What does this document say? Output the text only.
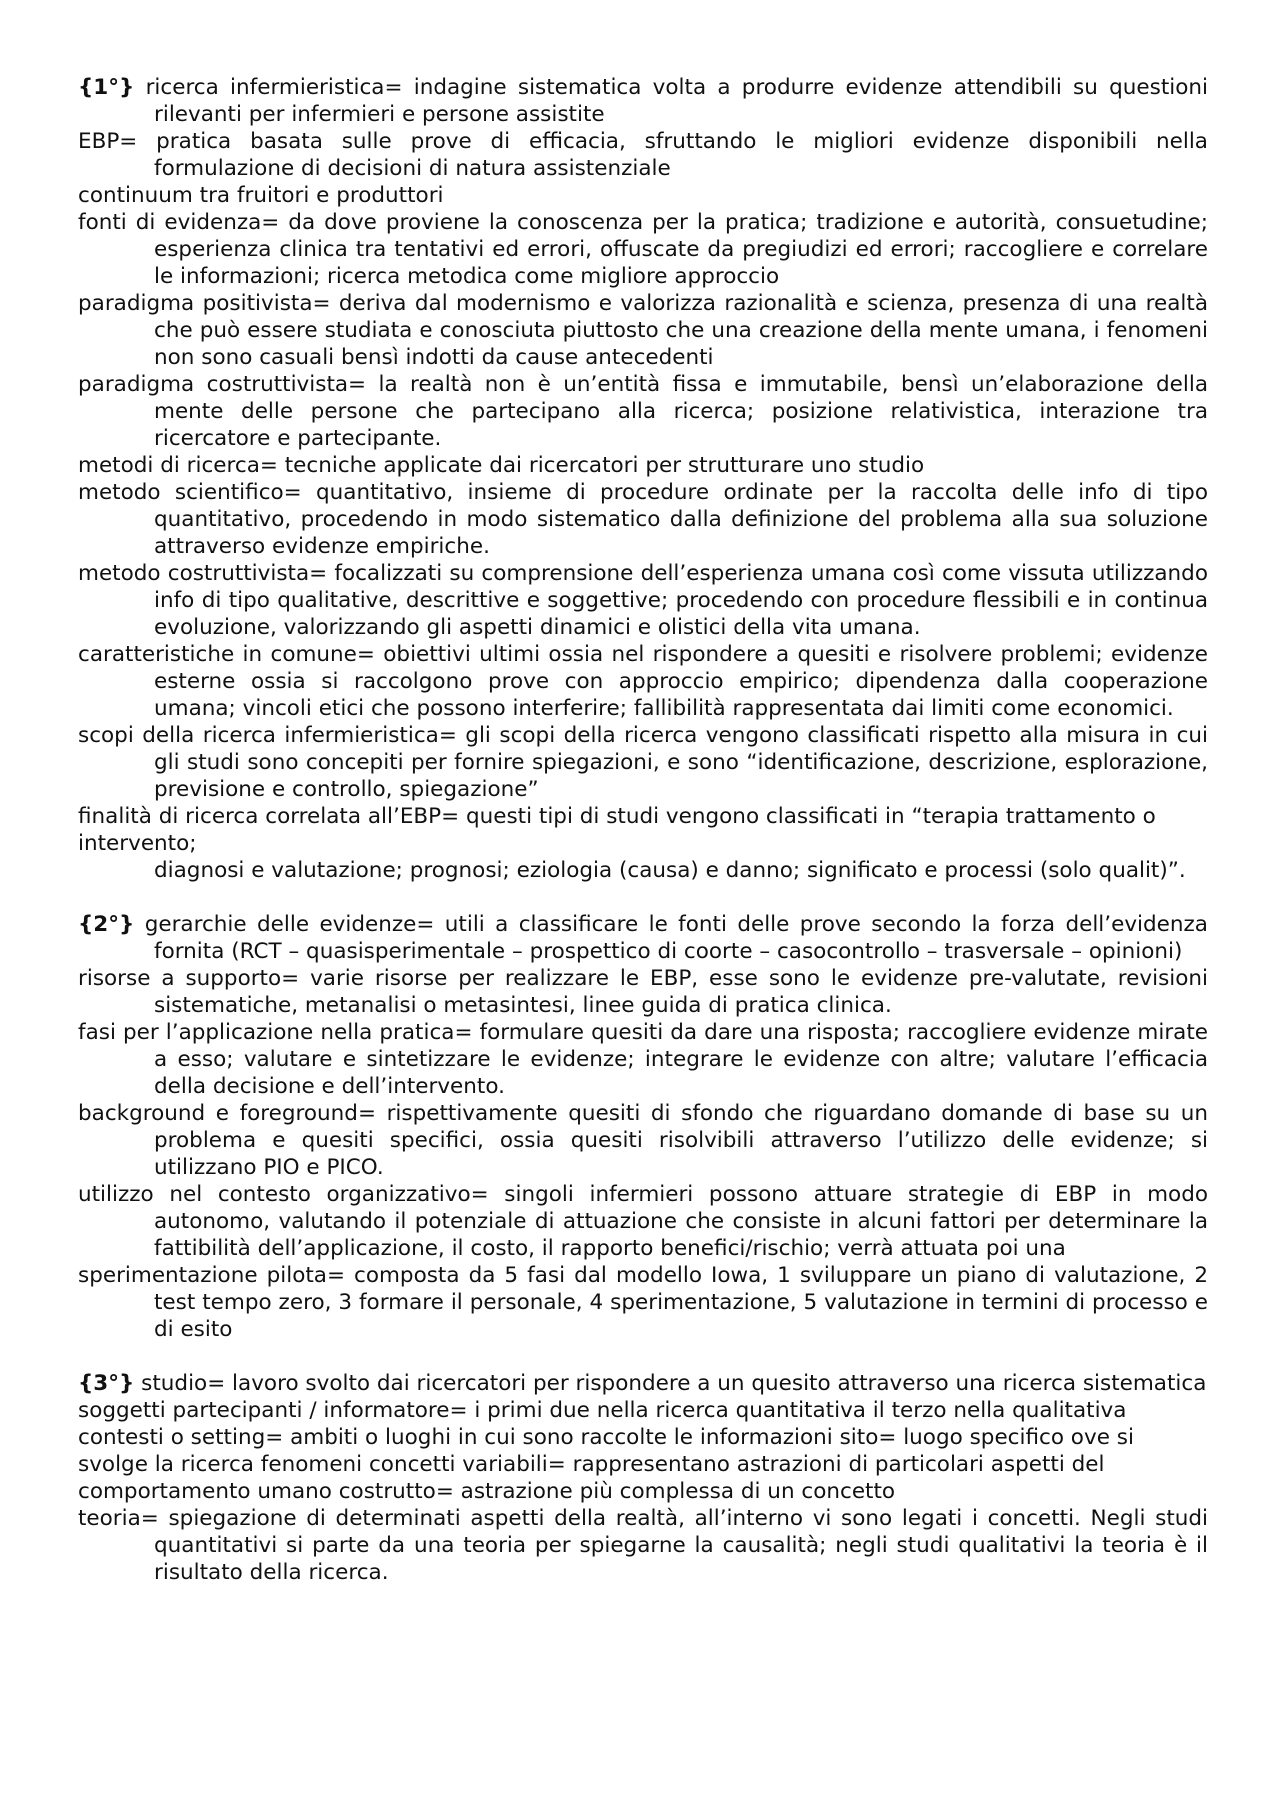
{1°} ricerca infermieristica= indagine sistematica volta a produrre evidenze attendibili su questioni rilevanti per infermieri e persone assistite

EBP= pratica basata sulle prove di efficacia, sfruttando le migliori evidenze disponibili nella formulazione di decisioni di natura assistenziale

continuum tra fruitori e produttori

fonti di evidenza= da dove proviene la conoscenza per la pratica; tradizione e autorità, consuetudine; esperienza clinica tra tentativi ed errori, offuscate da pregiudizi ed errori; raccogliere e correlare le informazioni; ricerca metodica come migliore approccio

paradigma positivista= deriva dal modernismo e valorizza razionalità e scienza, presenza di una realtà che può essere studiata e conosciuta piuttosto che una creazione della mente umana, i fenomeni non sono casuali bensì indotti da cause antecedenti

paradigma costruttivista= la realtà non è un’entità fissa e immutabile, bensì un’elaborazione della mente delle persone che partecipano alla ricerca; posizione relativistica, interazione tra ricercatore e partecipante.

metodi di ricerca= tecniche applicate dai ricercatori per strutturare uno studio

metodo scientifico= quantitativo, insieme di procedure ordinate per la raccolta delle info di tipo quantitativo, procedendo in modo sistematico dalla definizione del problema alla sua soluzione attraverso evidenze empiriche.

metodo costruttivista= focalizzati su comprensione dell’esperienza umana così come vissuta utilizzando info di tipo qualitative, descrittive e soggettive; procedendo con procedure flessibili e in continua evoluzione, valorizzando gli aspetti dinamici e olistici della vita umana.

caratteristiche in comune= obiettivi ultimi ossia nel rispondere a quesiti e risolvere problemi; evidenze esterne ossia si raccolgono prove con approccio empirico; dipendenza dalla cooperazione umana; vincoli etici che possono interferire; fallibilità rappresentata dai limiti come economici.

scopi della ricerca infermieristica= gli scopi della ricerca vengono classificati rispetto alla misura in cui gli studi sono concepiti per fornire spiegazioni, e sono “identificazione, descrizione, esplorazione, previsione e controllo, spiegazione”

finalità di ricerca correlata all’EBP= questi tipi di studi vengono classificati in “terapia trattamento o intervento;

diagnosi e valutazione; prognosi; eziologia (causa) e danno; significato e processi (solo qualit)”.

{2°} gerarchie delle evidenze= utili a classificare le fonti delle prove secondo la forza dell’evidenza fornita (RCT – quasisperimentale – prospettico di coorte – casocontrollo – trasversale – opinioni)

risorse a supporto= varie risorse per realizzare le EBP, esse sono le evidenze pre-valutate, revisioni sistematiche, metanalisi o metasintesi, linee guida di pratica clinica.

fasi per l’applicazione nella pratica= formulare quesiti da dare una risposta; raccogliere evidenze mirate a esso; valutare e sintetizzare le evidenze; integrare le evidenze con altre; valutare l’efficacia della decisione e dell’intervento.

background e foreground= rispettivamente quesiti di sfondo che riguardano domande di base su un problema e quesiti specifici, ossia quesiti risolvibili attraverso l’utilizzo delle evidenze; si utilizzano PIO e PICO.

utilizzo nel contesto organizzativo= singoli infermieri possono attuare strategie di EBP in modo autonomo, valutando il potenziale di attuazione che consiste in alcuni fattori per determinare la fattibilità dell’applicazione, il costo, il rapporto benefici/rischio; verrà attuata poi una

sperimentazione pilota= composta da 5 fasi dal modello Iowa, 1 sviluppare un piano di valutazione, 2 test tempo zero, 3 formare il personale, 4 sperimentazione, 5 valutazione in termini di processo e di esito

{3°} studio= lavoro svolto dai ricercatori per rispondere a un quesito attraverso una ricerca sistematica soggetti partecipanti / informatore= i primi due nella ricerca quantitativa il terzo nella qualitativa contesti o setting= ambiti o luoghi in cui sono raccolte le informazioni sito= luogo specifico ove si svolge la ricerca fenomeni concetti variabili= rappresentano astrazioni di particolari aspetti del comportamento umano costrutto= astrazione più complessa di un concetto

teoria= spiegazione di determinati aspetti della realtà, all’interno vi sono legati i concetti. Negli studi quantitativi si parte da una teoria per spiegarne la causalità; negli studi qualitativi la teoria è il risultato della ricerca.
